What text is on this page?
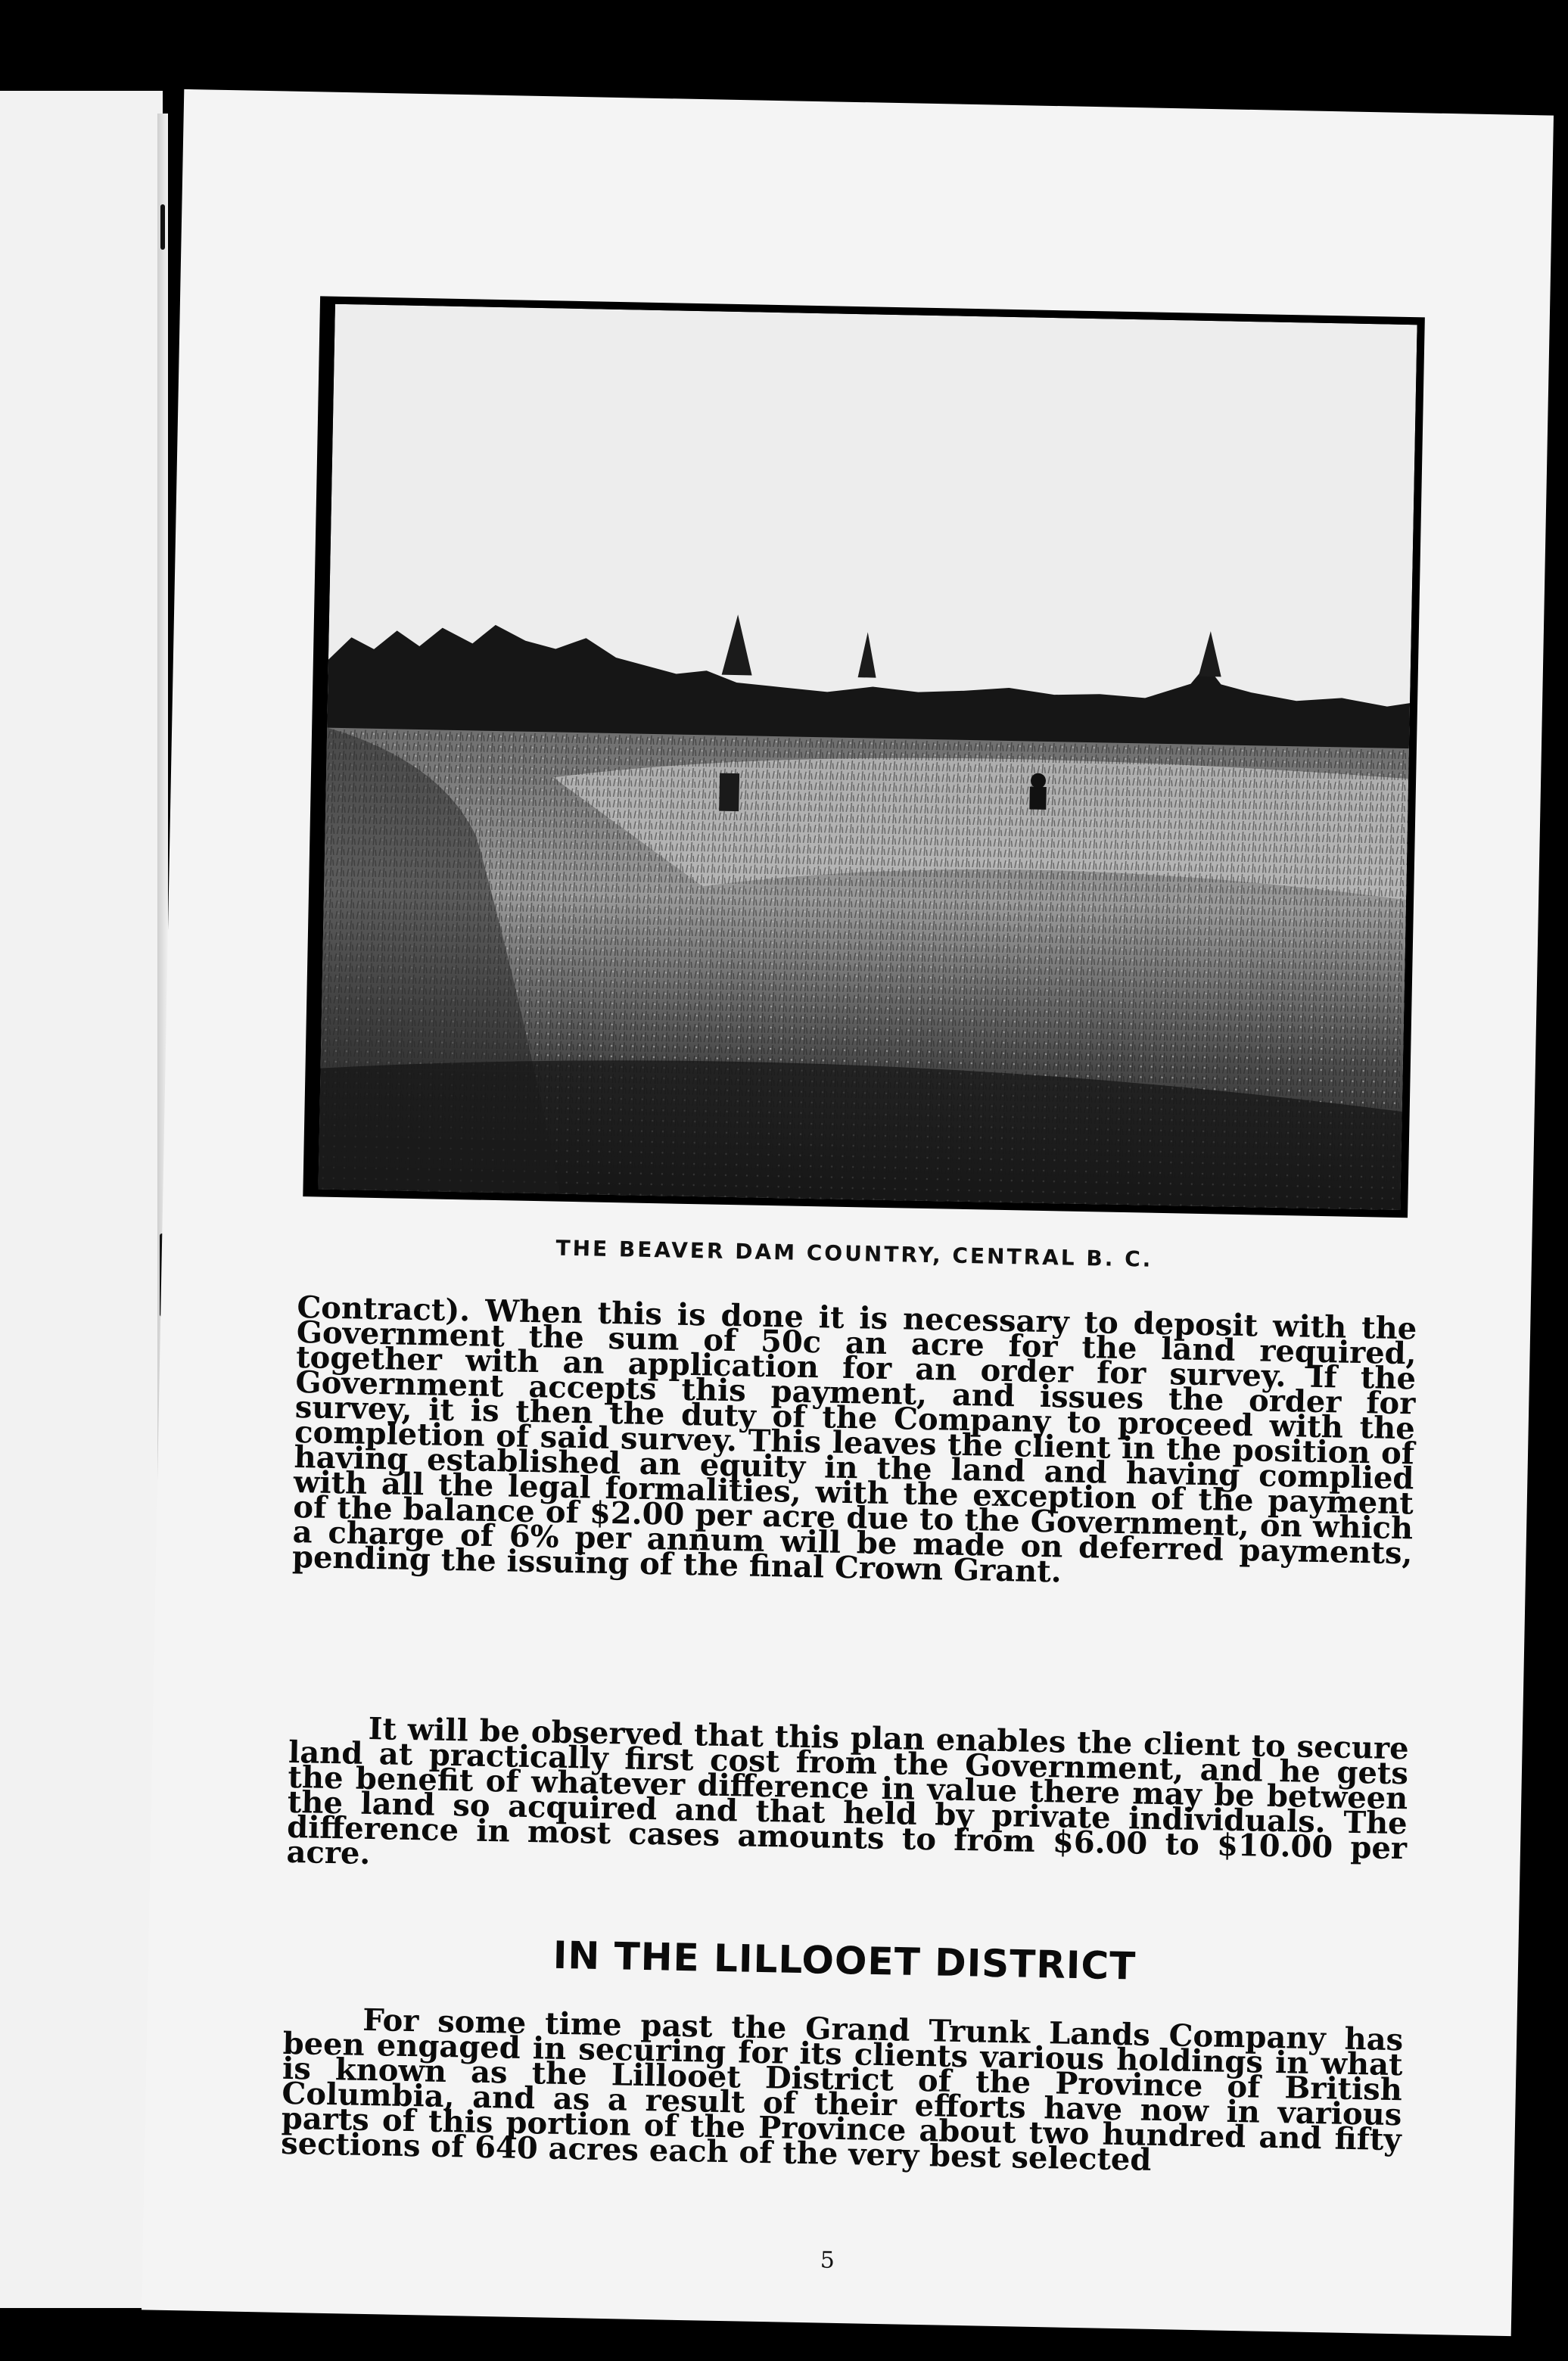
THE BEAVER DAM COUNTRY, CENTRAL B. C.

Contract). When this is done it is necessary to deposit with the Government the sum of 50c an acre for the land required, together with an application for an order for survey. If the Government accepts this payment, and issues the order for survey, it is then the duty of the Company to proceed with the completion of said survey. This leaves the client in the position of having established an equity in the land and having complied with all the legal formalities, with the exception of the payment of the balance of $2.00 per acre due to the Government, on which a charge of 6% per annum will be made on deferred payments, pending the issuing of the final Crown Grant.

It will be observed that this plan enables the client to secure land at practically first cost from the Government, and he gets the benefit of whatever difference in value there may be between the land so acquired and that held by private individuals. The difference in most cases amounts to from $6.00 to $10.00 per acre.

IN THE LILLOOET DISTRICT

For some time past the Grand Trunk Lands Company has been engaged in securing for its clients various holdings in what is known as the Lillooet District of the Province of British Columbia, and as a result of their efforts have now in various parts of this portion of the Province about two hundred and fifty sections of 640 acres each of the very best selected

5
